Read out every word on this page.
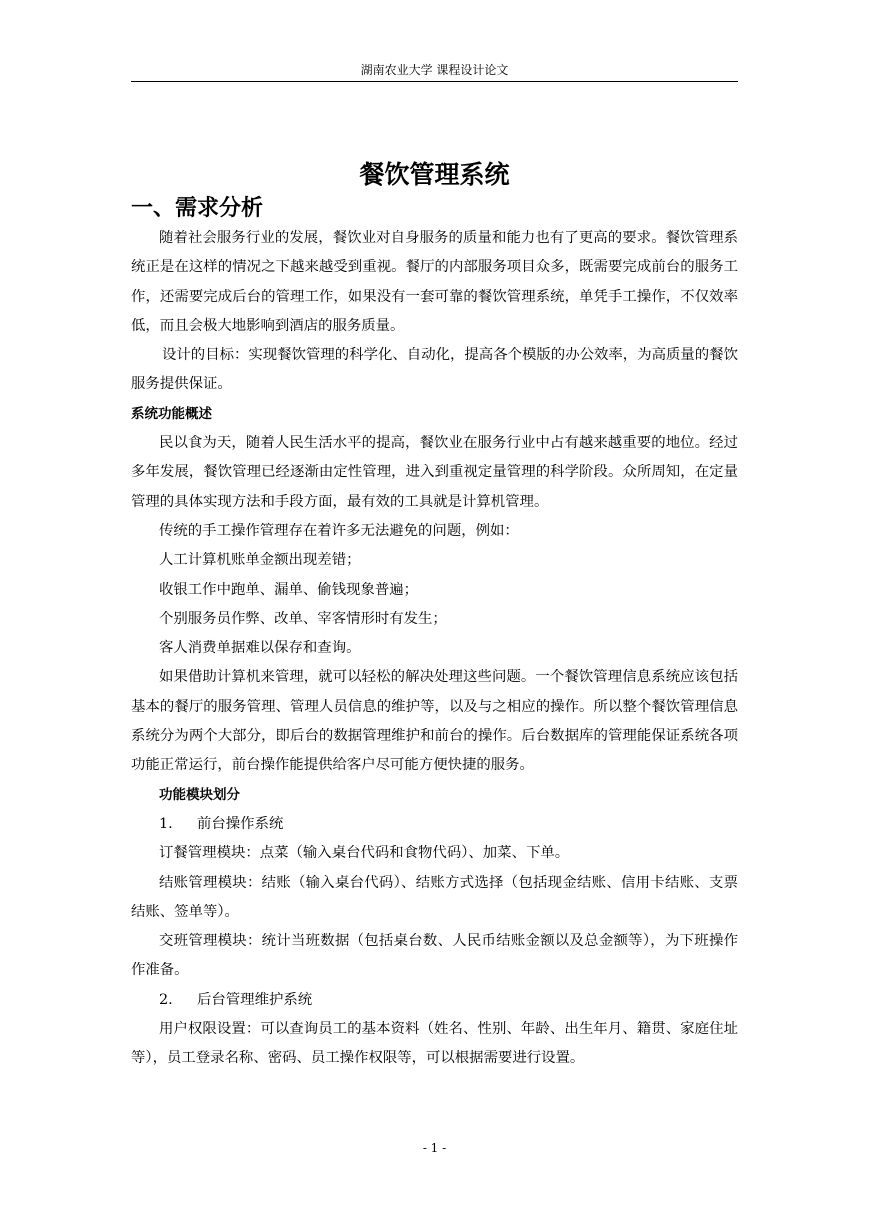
湖南农业大学 课程设计论文
餐饮管理系统
一、需求分析

随着社会服务行业的发展，餐饮业对自身服务的质量和能力也有了更高的要求。餐饮管理系统正是在这样的情况之下越来越受到重视。餐厅的内部服务项目众多，既需要完成前台的服务工作，还需要完成后台的管理工作，如果没有一套可靠的餐饮管理系统，单凭手工操作，不仅效率低，而且会极大地影响到酒店的服务质量。

设计的目标：实现餐饮管理的科学化、自动化，提高各个模版的办公效率，为高质量的餐饮服务提供保证。

系统功能概述

民以食为天，随着人民生活水平的提高，餐饮业在服务行业中占有越来越重要的地位。经过多年发展，餐饮管理已经逐渐由定性管理，进入到重视定量管理的科学阶段。众所周知，在定量管理的具体实现方法和手段方面，最有效的工具就是计算机管理。

传统的手工操作管理存在着许多无法避免的问题，例如：

人工计算机账单金额出现差错；

收银工作中跑单、漏单、偷钱现象普遍；

个别服务员作弊、改单、宰客情形时有发生；

客人消费单据难以保存和查询。

如果借助计算机来管理，就可以轻松的解决处理这些问题。一个餐饮管理信息系统应该包括基本的餐厅的服务管理、管理人员信息的维护等，以及与之相应的操作。所以整个餐饮管理信息系统分为两个大部分，即后台的数据管理维护和前台的操作。后台数据库的管理能保证系统各项功能正常运行，前台操作能提供给客户尽可能方便快捷的服务。

功能模块划分
1. 前台操作系统

订餐管理模块：点菜（输入桌台代码和食物代码）、加菜、下单。

结账管理模块：结账（输入桌台代码）、结账方式选择（包括现金结账、信用卡结账、支票结账、签单等）。

交班管理模块：统计当班数据（包括桌台数、人民币结账金额以及总金额等），为下班操作作准备。

2. 后台管理维护系统

用户权限设置：可以查询员工的基本资料（姓名、性别、年龄、出生年月、籍贯、家庭住址等），员工登录名称、密码、员工操作权限等，可以根据需要进行设置。

- 1 -
